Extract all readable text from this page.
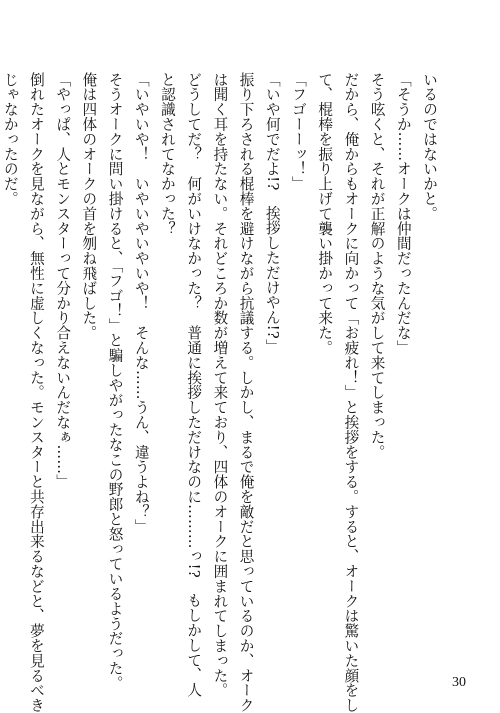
いるのではないかと。
「そうか……オークは仲間だったんだな」
そう呟くと、それが正解のような気がして来てしまった。
だから、俺からもオークに向かって「お疲れ！」と挨拶をする。すると、オークは驚いた顔をし
て、棍棒を振り上げて襲い掛かって来た。
「フゴーーッ！」
「いや何でだよ!?　挨拶しただけやん!?」
振り下ろされる棍棒を避けながら抗議する。しかし、まるで俺を敵だと思っているのか、オーク
は聞く耳を持たない。それどころか数が増えて来ており、四体のオークに囲まれてしまった。
どうしてだ？　何がいけなかった？　普通に挨拶しただけなのに………っ!?　もしかして、人
と認識されてなかった？
「いやいや！　いやいやいやいや！　そんな……うん、違うよね？」
そうオークに問い掛けると、「フゴ！」と騙しやがったなこの野郎と怒っているようだった。
俺は四体のオークの首を刎ね飛ばした。
「やっぱ、人とモンスターって分かり合えないんだなぁ……」
倒れたオークを見ながら、無性に虚しくなった。モンスターと共存出来るなどと、夢を見るべき
じゃなかったのだ。
30
